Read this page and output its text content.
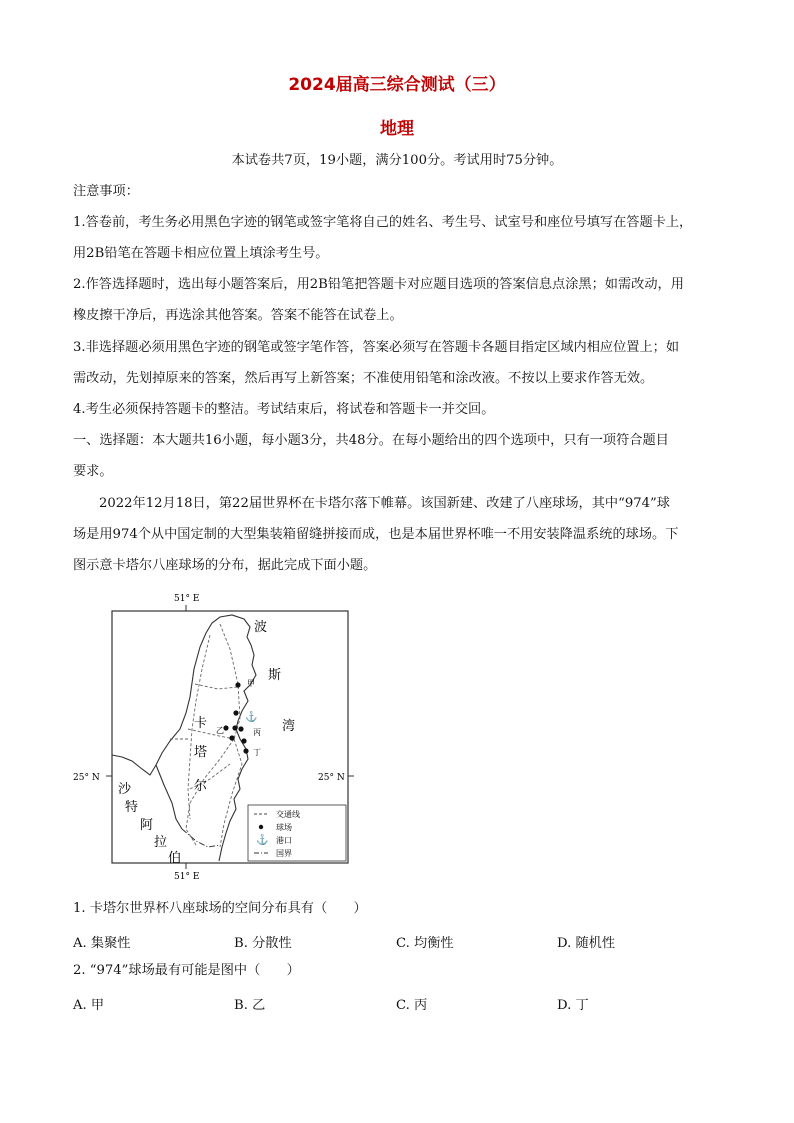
2024届高三综合测试（三）
地理
本试卷共7页，19小题，满分100分。考试用时75分钟。
注意事项：
1.答卷前，考生务必用黑色字迹的钢笔或签字笔将自己的姓名、考生号、试室号和座位号填写在答题卡上，
用2B铅笔在答题卡相应位置上填涂考生号。
2.作答选择题时，选出每小题答案后，用2B铅笔把答题卡对应题目选项的答案信息点涂黑；如需改动，用
橡皮擦干净后，再选涂其他答案。答案不能答在试卷上。
3.非选择题必须用黑色字迹的钢笔或签字笔作答，答案必须写在答题卡各题目指定区域内相应位置上；如
需改动，先划掉原来的答案，然后再写上新答案；不准使用铅笔和涂改液。不按以上要求作答无效。
4.考生必须保持答题卡的整洁。考试结束后，将试卷和答题卡一并交回。
一、选择题：本大题共16小题，每小题3分，共48分。在每小题给出的四个选项中，只有一项符合题目
要求。
2022年12月18日，第22届世界杯在卡塔尔落下帷幕。该国新建、改建了八座球场，其中“974”球
场是用974个从中国定制的大型集装箱留缝拼接而成，也是本届世界杯唯一不用安装降温系统的球场。下
图示意卡塔尔八座球场的分布，据此完成下面小题。
51° E
51° E
25° N	25° N
⚓
甲
乙	丙
丁
波
斯
湾
卡
塔
尔
沙
特
阿
拉
伯
交通线
球场
⚓ 港口
国界
1. 卡塔尔世界杯八座球场的空间分布具有（　　）
A. 集聚性	B. 分散性	C. 均衡性	D. 随机性
2. “974”球场最有可能是图中（　　）
A. 甲	B. 乙	C. 丙	D. 丁
